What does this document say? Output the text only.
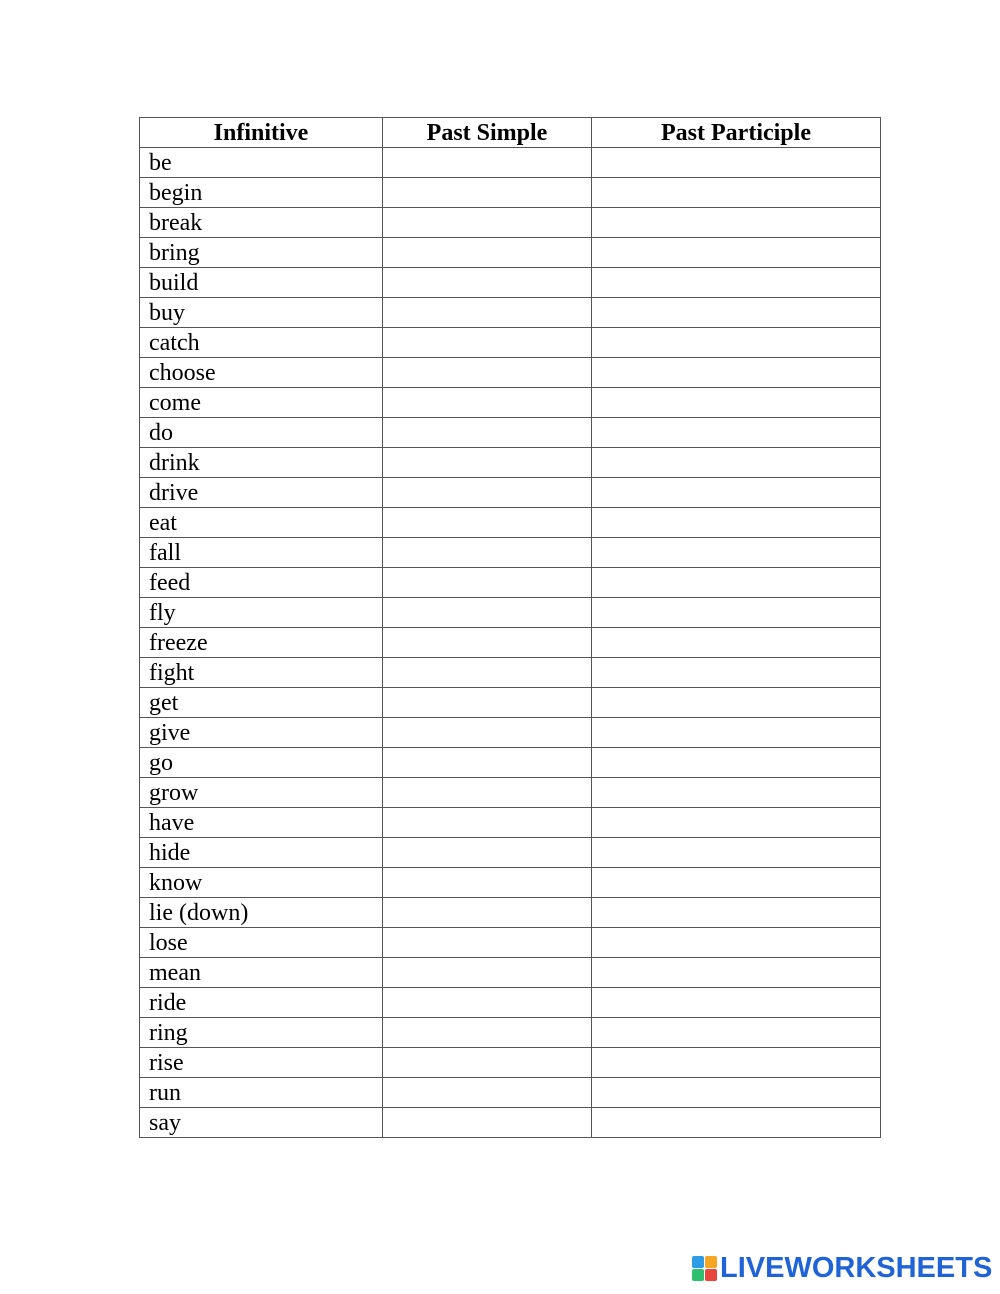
Infinitive	Past Simple	Past Participle
be		
begin		
break		
bring		
build		
buy		
catch		
choose		
come		
do		
drink		
drive		
eat		
fall		
feed		
fly		
freeze		
fight		
get		
give		
go		
grow		
have		
hide		
know		
lie (down)		
lose		
mean		
ride		
ring		
rise		
run		
say		
LIVEWORKSHEETS
